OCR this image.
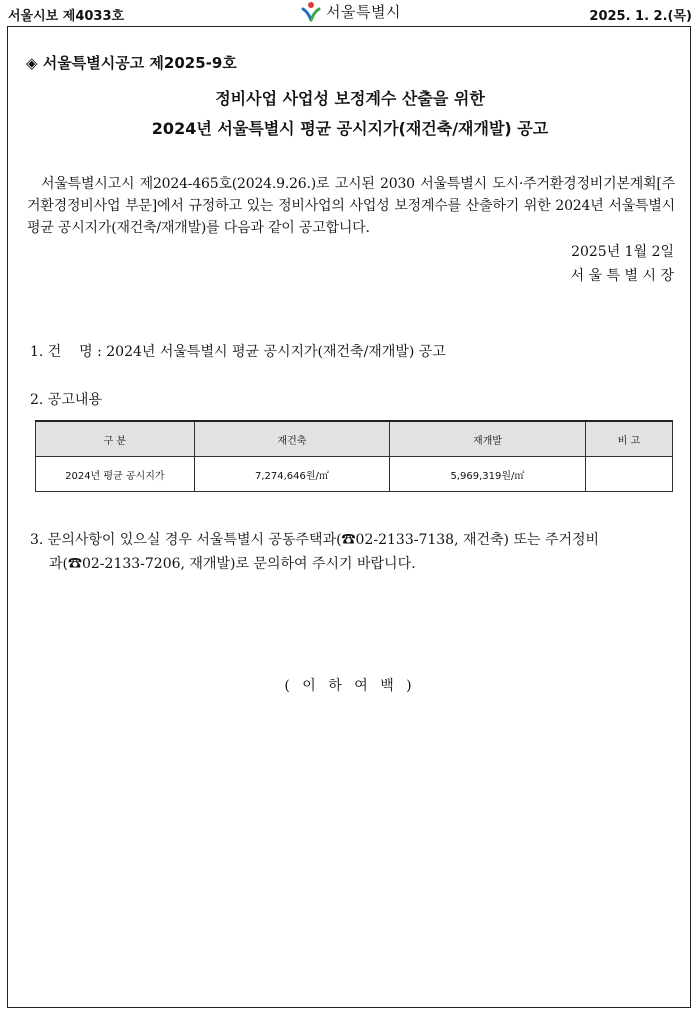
서울시보 제4033호	서울특별시	2025. 1. 2.(목)
◈ 서울특별시공고 제2025-9호
정비사업 사업성 보정계수 산출을 위한
2024년 서울특별시 평균 공시지가(재건축/재개발) 공고
서울특별시고시 제2024-465호(2024.9.26.)로 고시된 2030 서울특별시 도시·주거환경정비기본계획[주거환경정비사업 부문]에서 규정하고 있는 정비사업의 사업성 보정계수를 산출하기 위한 2024년 서울특별시 평균 공시지가(재건축/재개발)를 다음과 같이 공고합니다.
2025년 1월 2일
서 울 특 별 시 장
1. 건    명 : 2024년 서울특별시 평균 공시지가(재건축/재개발) 공고
2. 공고내용
구 분	재건축	재개발	비 고
2024년 평균 공시지가	7,274,646원/㎡	5,969,319원/㎡	
3. 문의사항이 있으실 경우 서울특별시 공동주택과(☎02-2133-7138, 재건축) 또는 주거정비
과(☎02-2133-7206, 재개발)로 문의하여 주시기 바랍니다.
( 이 하 여 백 )
